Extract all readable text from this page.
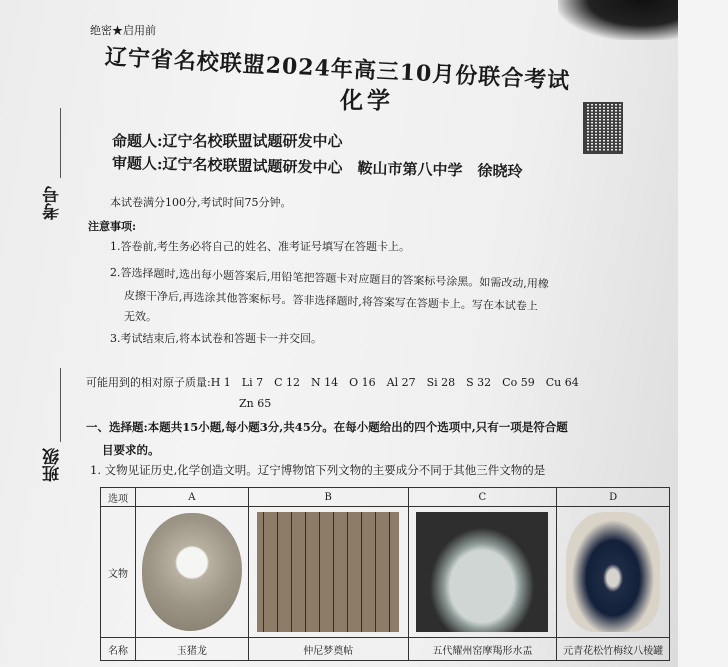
绝密★启用前
辽宁省名校联盟2024年高三10月份联合考试
化学
命题人:辽宁名校联盟试题研发中心
审题人:辽宁名校联盟试题研发中心　鞍山市第八中学　徐晓玲
考号
班级
本试卷满分100分,考试时间75分钟。
注意事项:
1.答卷前,考生务必将自己的姓名、准考证号填写在答题卡上。
2.答选择题时,选出每小题答案后,用铅笔把答题卡对应题目的答案标号涂黑。如需改动,用橡
皮擦干净后,再选涂其他答案标号。答非选择题时,将答案写在答题卡上。写在本试卷上
无效。
3.考试结束后,将本试卷和答题卡一并交回。
可能用到的相对原子质量:H 1　Li 7　C 12　N 14　O 16　Al 27　Si 28　S 32　Co 59　Cu 64
Zn 65
一、选择题:本题共15小题,每小题3分,共45分。在每小题给出的四个选项中,只有一项是符合题
目要求的。
1. 文物见证历史,化学创造文明。辽宁博物馆下列文物的主要成分不同于其他三件文物的是
选项	A	B	C	D
文物	

名称	玉猪龙	仲尼梦奠帖	五代耀州窑摩羯形水盂	元青花松竹梅纹八棱罐
